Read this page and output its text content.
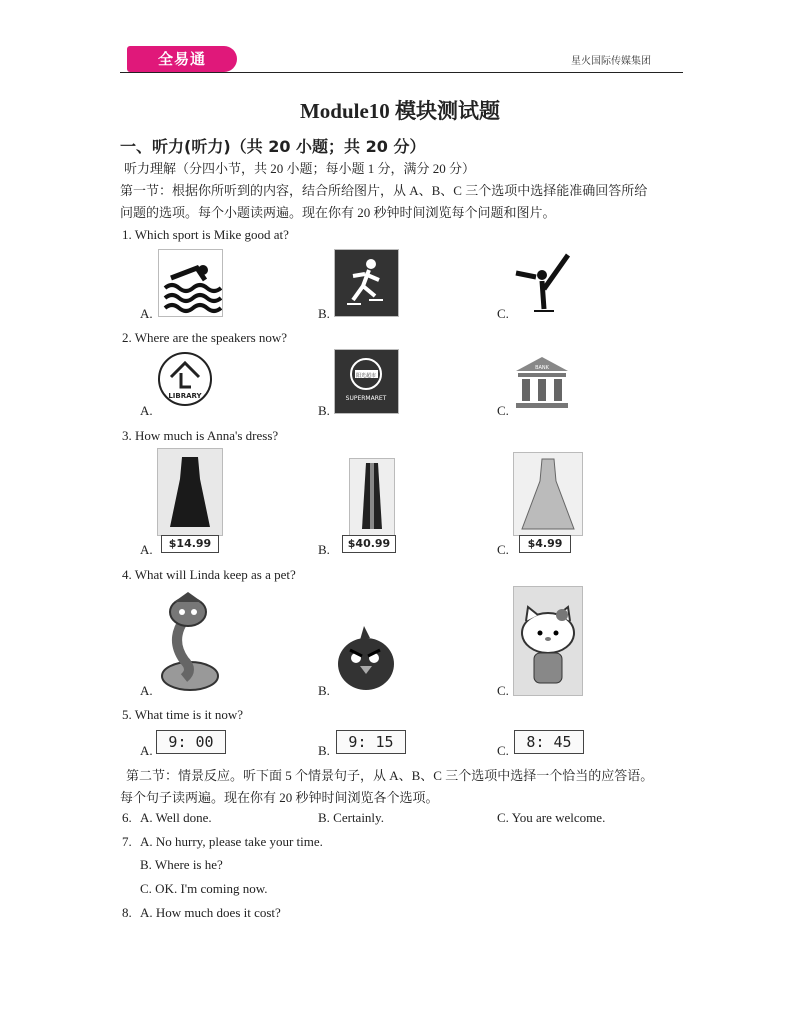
全易通	星火国际传媒集团
Module10 模块测试题
一、听力(听力)（共 20 小题；共 20 分）
听力理解（分四小节，共 20 小题；每小题 1 分，满分 20 分）
第一节：根据你所听到的内容，结合所给图片，从 A、B、C 三个选项中选择能准确回答所给
问题的选项。每个小题读两遍。现在你有 20 秒钟时间浏览每个问题和图片。
1. Which sport is Mike good at?
A.	B.	C.
2. Where are the speakers now?
A.
LIBRARY
B.
阳光超市
SUPERMARET
C.
BANK
3. How much is Anna's dress?
A.	$14.99	B.	$40.99	C.	$4.99
4. What will Linda keep as a pet?
A.	B.	C.
5. What time is it now?
A.	9: 00	B.	9: 15	C.	8: 45
第二节：情景反应。听下面 5 个情景句子，从 A、B、C 三个选项中选择一个恰当的应答语。
每个句子读两遍。现在你有 20 秒钟时间浏览各个选项。
6. A. Well done.	B. Certainly.	C. You are welcome.
7. A. No hurry, please take your time.
B. Where is he?
C. OK. I'm coming now.
8. A. How much does it cost?
